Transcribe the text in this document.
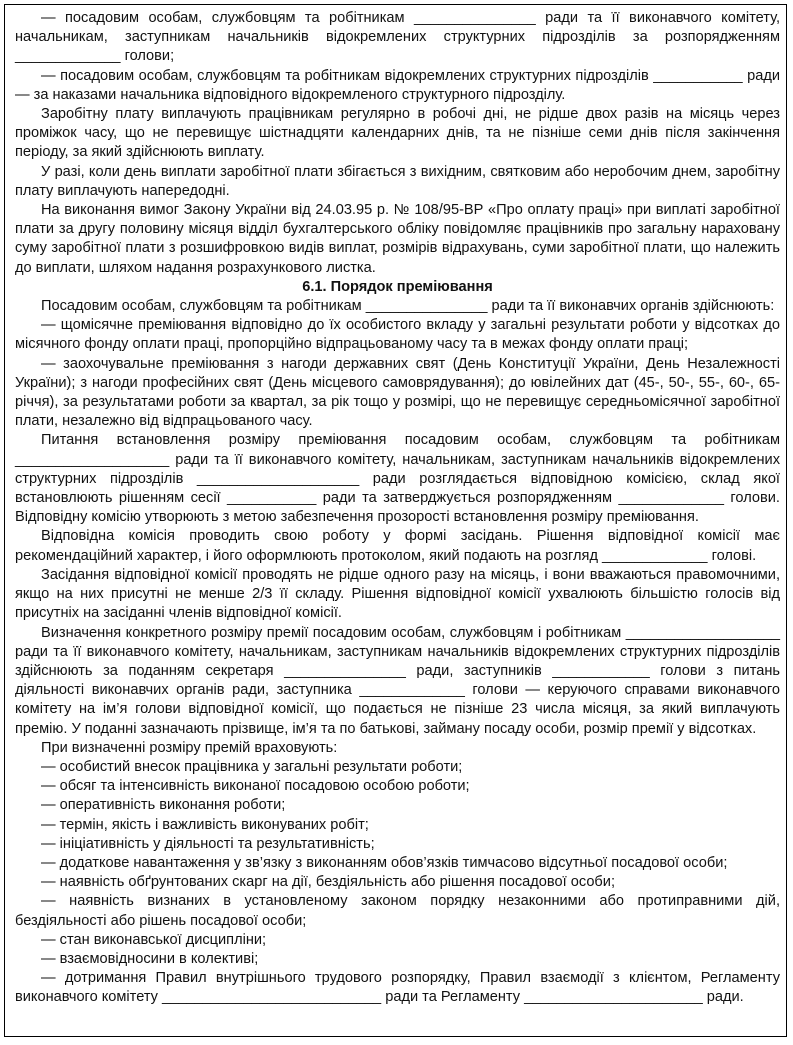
— посадовим особам, службовцям та робітникам _______________ ради та її виконавчого комітету, начальникам, заступникам начальників відокремлених структурних підрозділів за розпорядженням _____________ голови;

— посадовим особам, службовцям та робітникам відокремлених структурних підрозділів ___________ ради — за наказами начальника відповідного відокремленого структурного підрозділу.

Заробітну плату виплачують працівникам регулярно в робочі дні, не рідше двох разів на місяць через проміжок часу, що не перевищує шістнадцяти календарних днів, та не пізніше семи днів після закінчення періоду, за який здійснюють виплату.

У разі, коли день виплати заробітної плати збігається з вихідним, святковим або неробочим днем, заробітну плату виплачують напередодні.

На виконання вимог Закону України від 24.03.95 р. № 108/95-ВР «Про оплату праці» при виплаті заробітної плати за другу половину місяця відділ бухгалтерського обліку повідомляє працівників про загальну нараховану суму заробітної плати з розшифровкою видів виплат, розмірів відрахувань, суми заробітної плати, що належить до виплати, шляхом надання розрахункового листка.

6.1. Порядок преміювання

Посадовим особам, службовцям та робітникам _______________ ради та її виконавчих органів здійснюють:

— щомісячне преміювання відповідно до їх особистого вкладу у загальні результати роботи у відсотках до місячного фонду оплати праці, пропорційно відпрацьованому часу та в межах фонду оплати праці;

— заохочувальне преміювання з нагоди державних свят (День Конституції України, День Незалежності України); з нагоди професійних свят (День місцевого самоврядування); до ювілейних дат (45-, 50-, 55-, 60-, 65-річчя), за результатами роботи за квартал, за рік тощо у розмірі, що не перевищує середньомісячної заробітної плати, незалежно від відпрацьованого часу.

Питання встановлення розміру преміювання посадовим особам, службовцям та робітникам ___________________ ради та її виконавчого комітету, начальникам, заступникам начальників відокремлених структурних підрозділів ____________________ ради розглядається відповідною комісією, склад якої встановлюють рішенням сесії ___________ ради та затверджується розпорядженням _____________ голови. Відповідну комісію утворюють з метою забезпечення прозорості встановлення розміру преміювання.

Відповідна комісія проводить свою роботу у формі засідань. Рішення відповідної комісії має рекомендаційний характер, і його оформлюють протоколом, який подають на розгляд _____________ голові.

Засідання відповідної комісії проводять не рідше одного разу на місяць, і вони вважаються правомочними, якщо на них присутні не менше 2/3 її складу. Рішення відповідної комісії ухвалюють більшістю голосів від присутніх на засіданні членів відповідної комісії.

Визначення конкретного розміру премії посадовим особам, службовцям і робітникам ___________________ ради та її виконавчого комітету, начальникам, заступникам начальників відокремлених структурних підрозділів здійснюють за поданням секретаря _______________ ради, заступників ____________ голови з питань діяльності виконавчих органів ради, заступника _____________ голови — керуючого справами виконавчого комітету на ім’я голови відповідної комісії, що подається не пізніше 23 числа місяця, за який виплачують премію. У поданні зазначають прізвище, ім’я та по батькові, займану посаду особи, розмір премії у відсотках.

При визначенні розміру премій враховують:

— особистий внесок працівника у загальні результати роботи;

— обсяг та інтенсивність виконаної посадовою особою роботи;

— оперативність виконання роботи;

— термін, якість і важливість виконуваних робіт;

— ініціативність у діяльності та результативність;

— додаткове навантаження у зв’язку з виконанням обов’язків тимчасово відсутньої посадової особи;

— наявність обґрунтованих скарг на дії, бездіяльність або рішення посадової особи;

— наявність визнаних в установленому законом порядку незаконними або протиправними дій, бездіяльності або рішень посадової особи;

— стан виконавської дисципліни;

— взаємовідносини в колективі;

— дотримання Правил внутрішнього трудового розпорядку, Правил взаємодії з клієнтом, Регламенту виконавчого комітету ___________________________ ради та Регламенту ______________________ ради.
